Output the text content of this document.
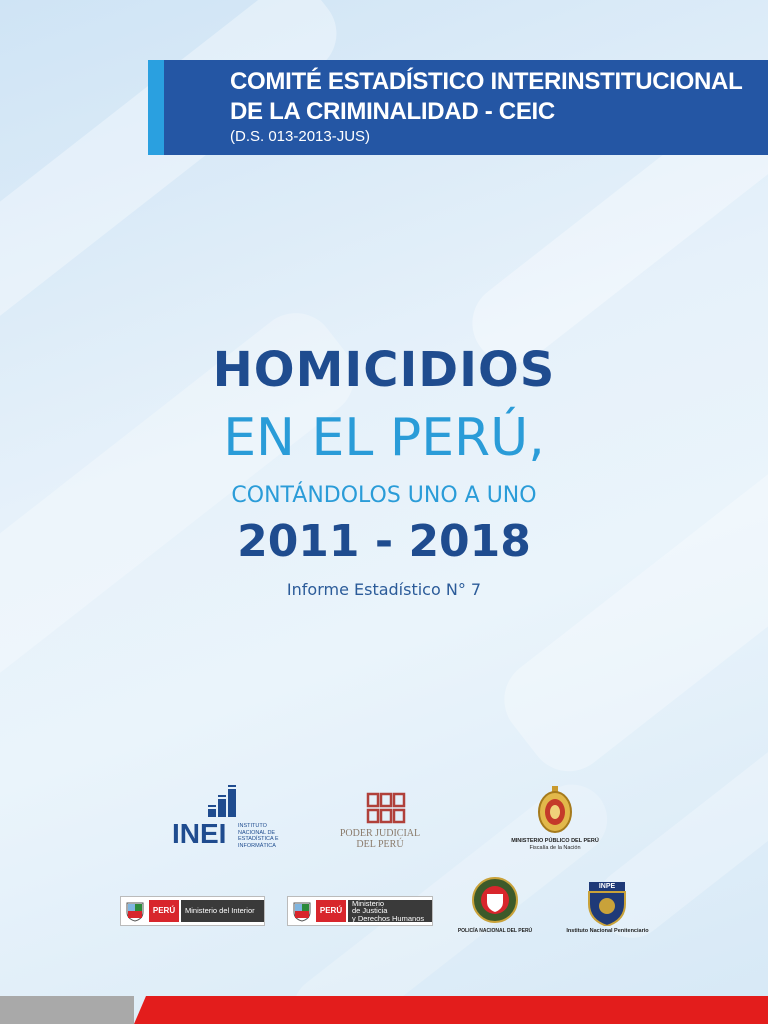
COMITÉ ESTADÍSTICO INTERINSTITUCIONAL
DE LA CRIMINALIDAD - CEIC
(D.S. 013-2013-JUS)
HOMICIDIOS
EN EL PERÚ,
CONTÁNDOLOS UNO A UNO
2011 - 2018
Informe Estadístico N° 7
INEI INSTITUTO
NACIONAL DE
ESTADÍSTICA E
INFORMÁTICA
PODER JUDICIAL
DEL PERÚ	MINISTERIO PÚBLICO DEL PERÚ
Fiscalía de la Nación
PERÚ	Ministerio del Interior	PERÚ
Ministerio
de Justicia
y Derechos Humanos
POLICÍA NACIONAL DEL PERÚ
INPE
Instituto Nacional Penitenciario
